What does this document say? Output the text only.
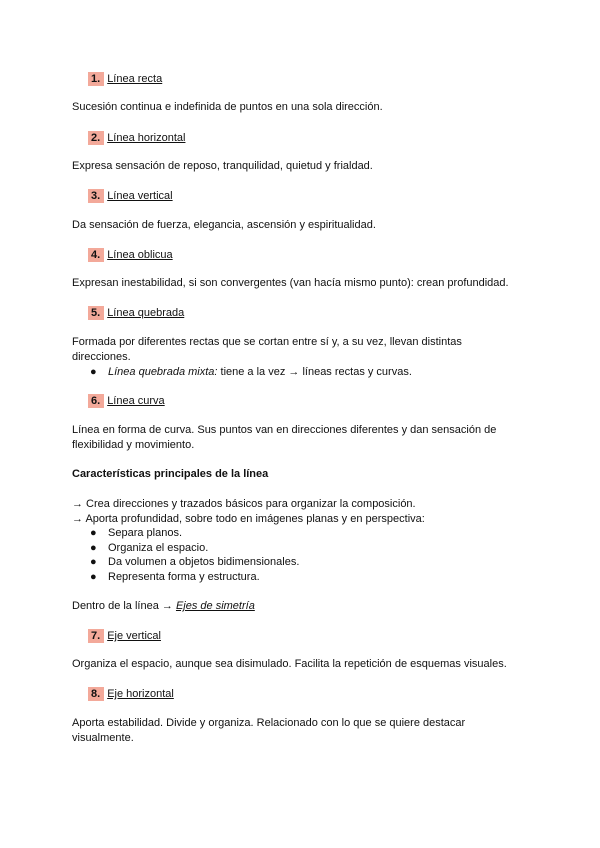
1. Línea recta
Sucesión continua e indefinida de puntos en una sola dirección.
2. Línea horizontal
Expresa sensación de reposo, tranquilidad, quietud y frialdad.
3. Línea vertical
Da sensación de fuerza, elegancia, ascensión y espiritualidad.
4. Línea oblicua
Expresan inestabilidad, si son convergentes (van hacía mismo punto): crean profundidad.
5. Línea quebrada
Formada por diferentes rectas que se cortan entre sí y, a su vez, llevan distintas
direcciones.
● Línea quebrada mixta: tiene a la vez → líneas rectas y curvas.
6. Línea curva
Línea en forma de curva. Sus puntos van en direcciones diferentes y dan sensación de
flexibilidad y movimiento.
Características principales de la línea
→ Crea direcciones y trazados básicos para organizar la composición.
→ Aporta profundidad, sobre todo en imágenes planas y en perspectiva:
● Separa planos.
● Organiza el espacio.
● Da volumen a objetos bidimensionales.
● Representa forma y estructura.
Dentro de la línea → Ejes de simetría
7. Eje vertical
Organiza el espacio, aunque sea disimulado. Facilita la repetición de esquemas visuales.
8. Eje horizontal
Aporta estabilidad. Divide y organiza. Relacionado con lo que se quiere destacar
visualmente.
